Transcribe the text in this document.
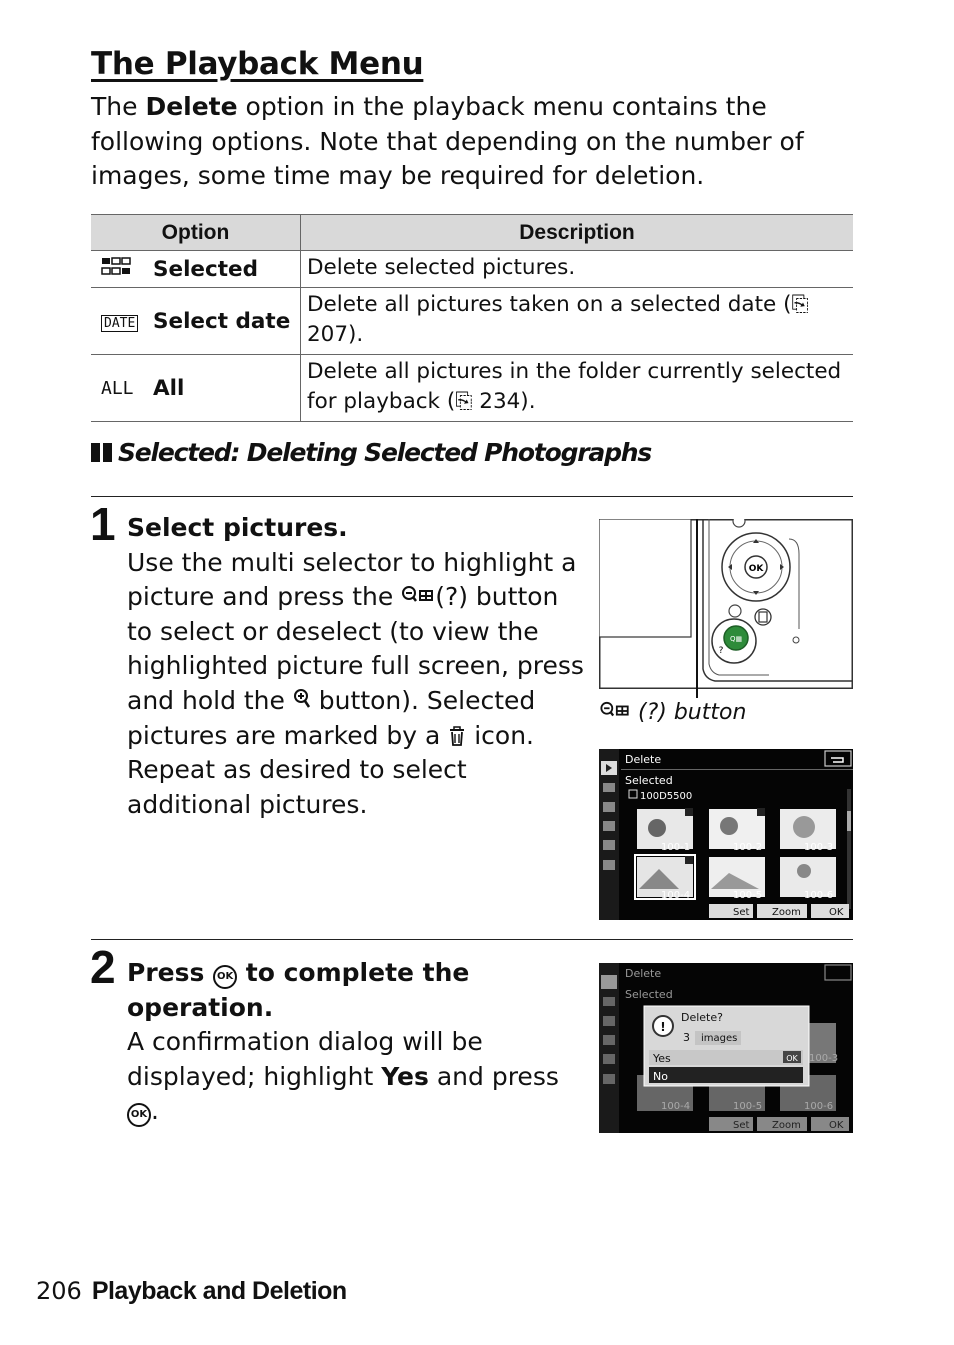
The Playback Menu
The Delete option in the playback menu contains the following options. Note that depending on the number of images, some time may be required for deletion.
Option	Description

Selected	Delete selected pictures.

DATE Select date	Delete all pictures taken on a selected date (⎘ 207).

ALL All	Delete all pictures in the folder currently selected for playback (⎘ 234).
Selected: Deleting Selected Photographs
1 Select pictures.
Use the multi selector to highlight a picture and press the (?) button to select or deselect (to view the highlighted picture full screen, press and hold the  button). Selected pictures are marked by a  icon. Repeat as desired to select additional pictures.
OK
Q▦
?
(?) button
Delete
Selected
100D5500
100-1	100-2	100-3
100-4	100-5	100-6
Set Zoom	OK
2 Press OK to complete the operation.
A confirmation dialog will be displayed; highlight Yes and press OK .
Delete
Selected
100-3
100-4	100-5	100-6
!
Delete?
3 images
Yes	OK
No
Set Zoom	OK
206 Playback and Deletion
